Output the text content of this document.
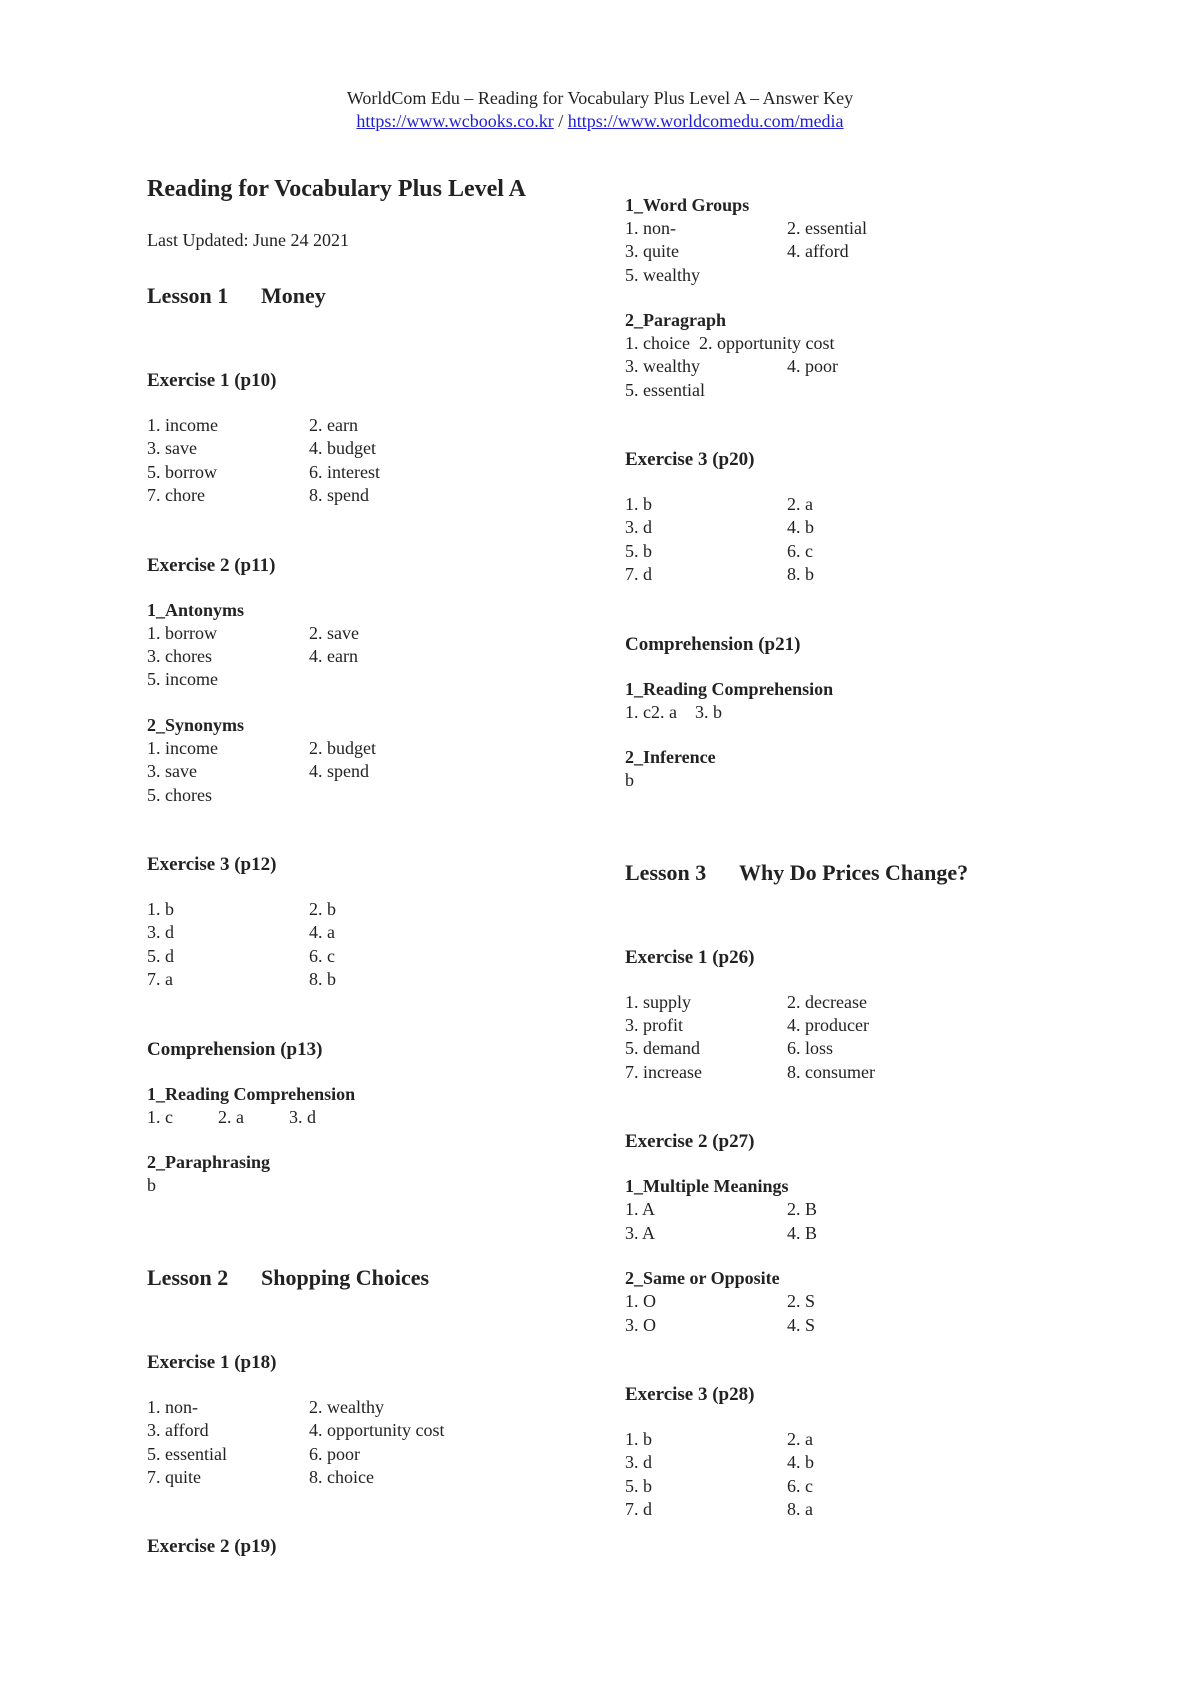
WorldCom Edu – Reading for Vocabulary Plus Level A – Answer Key
https://www.wcbooks.co.kr / https://www.worldcomedu.com/media
Reading for Vocabulary Plus Level A
Last Updated: June 24 2021
Lesson 1 Money
Exercise 1 (p10)
1. income	2. earn
3. save	4. budget
5. borrow	6. interest
7. chore	8. spend
Exercise 2 (p11)
1_Antonyms
1. borrow	2. save
3. chores	4. earn
5. income
2_Synonyms
1. income	2. budget
3. save	4. spend
5. chores
Exercise 3 (p12)
1. b	2. b
3. d	4. a
5. d	6. c
7. a	8. b
Comprehension (p13)
1_Reading Comprehension
1. c          2. a          3. d
2_Paraphrasing
b
Lesson 2 Shopping Choices
Exercise 1 (p18)
1. non-	2. wealthy
3. afford	4. opportunity cost
5. essential	6. poor
7. quite	8. choice
Exercise 2 (p19)
1_Word Groups
1. non-	2. essential
3. quite	4. afford
5. wealthy
2_Paragraph
1. choice  2. opportunity cost
3. wealthy	4. poor
5. essential
Exercise 3 (p20)
1. b	2. a
3. d	4. b
5. b	6. c
7. d	8. b
Comprehension (p21)
1_Reading Comprehension
1. c2. a    3. b
2_Inference
b
Lesson 3 Why Do Prices Change?
Exercise 1 (p26)
1. supply	2. decrease
3. profit	4. producer
5. demand	6. loss
7. increase	8. consumer
Exercise 2 (p27)
1_Multiple Meanings
1. A	2. B
3. A	4. B
2_Same or Opposite
1. O	2. S
3. O	4. S
Exercise 3 (p28)
1. b	2. a
3. d	4. b
5. b	6. c
7. d	8. a
